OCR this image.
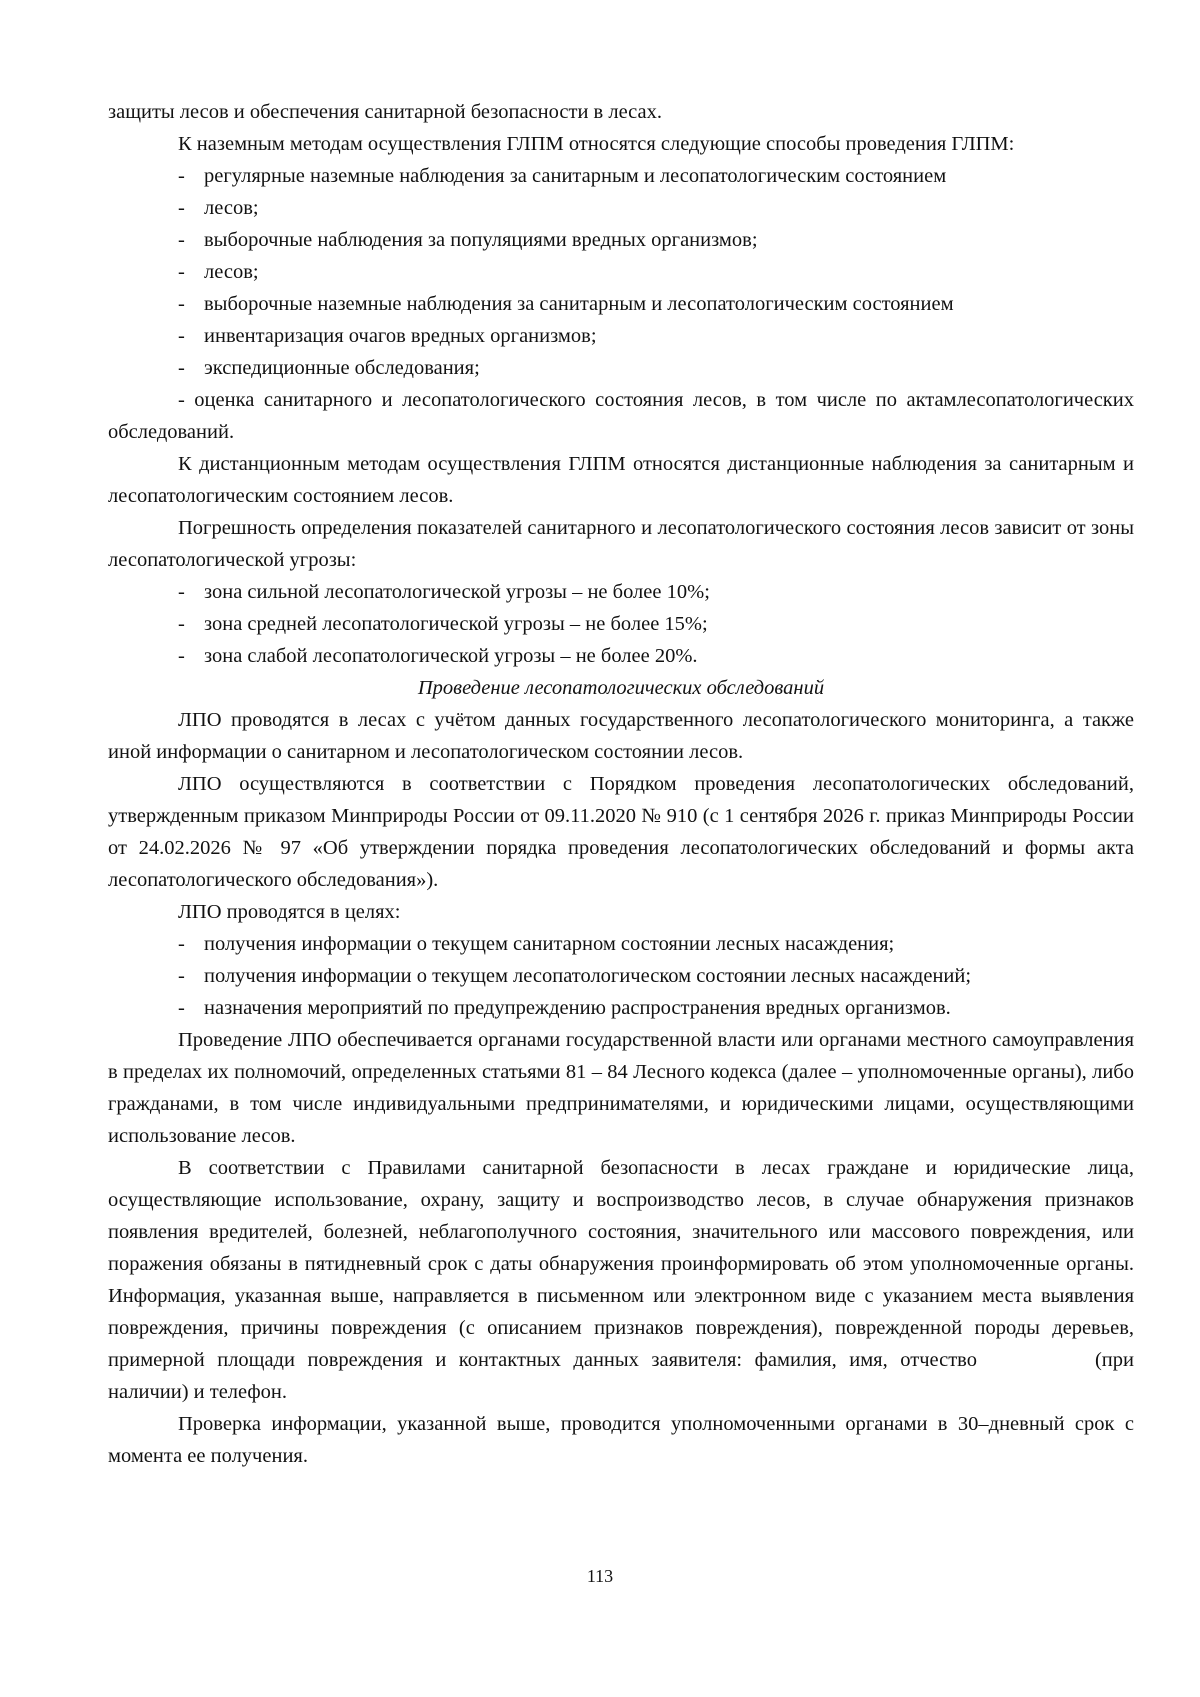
защиты лесов и обеспечения санитарной безопасности в лесах.

К наземным методам осуществления ГЛПМ относятся следующие способы проведения ГЛПМ:

- регулярные наземные наблюдения за санитарным и лесопатологическим состоянием
- лесов;
- выборочные наблюдения за популяциями вредных организмов;
- лесов;
- выборочные наземные наблюдения за санитарным и лесопатологическим состоянием
- инвентаризация очагов вредных организмов;
- экспедиционные обследования;

- оценка санитарного и лесопатологического состояния лесов, в том числе по актамлесопатологических обследований.

К дистанционным методам осуществления ГЛПМ относятся дистанционные наблюдения за санитарным и лесопатологическим состоянием лесов.

Погрешность определения показателей санитарного и лесопатологического состояния лесов зависит от зоны лесопатологической угрозы:

- зона сильной лесопатологической угрозы – не более 10%;
- зона средней лесопатологической угрозы – не более 15%;
- зона слабой лесопатологической угрозы – не более 20%.

Проведение лесопатологических обследований

ЛПО проводятся в лесах с учётом данных государственного лесопатологического мониторинга, а также иной информации о санитарном и лесопатологическом состоянии лесов.

ЛПО осуществляются в соответствии с Порядком проведения лесопатологических обследований, утвержденным приказом Минприроды России от 09.11.2020 № 910 (с 1 сентября 2026 г. приказ Минприроды России от 24.02.2026 № 97 «Об утверждении порядка проведения лесопатологических обследований и формы акта лесопатологического обследования»).

ЛПО проводятся в целях:

- получения информации о текущем санитарном состоянии лесных насаждения;
- получения информации о текущем лесопатологическом состоянии лесных насаждений;
- назначения мероприятий по предупреждению распространения вредных организмов.

Проведение ЛПО обеспечивается органами государственной власти или органами местного самоуправления в пределах их полномочий, определенных статьями 81 – 84 Лесного кодекса (далее – уполномоченные органы), либо гражданами, в том числе индивидуальными предпринимателями, и юридическими лицами, осуществляющими использование лесов.

В соответствии с Правилами санитарной безопасности в лесах граждане и юридические лица, осуществляющие использование, охрану, защиту и воспроизводство лесов, в случае обнаружения признаков появления вредителей, болезней, неблагополучного состояния, значительного или массового повреждения, или поражения обязаны в пятидневный срок с даты обнаружения проинформировать об этом уполномоченные органы. Информация, указанная выше, направляется в письменном или электронном виде с указанием места выявления повреждения, причины повреждения (с описанием признаков повреждения), поврежденной породы деревьев, примерной площади повреждения и контактных данных заявителя: фамилия, имя, отчество	(при наличии) и телефон.

Проверка информации, указанной выше, проводится уполномоченными органами в 30–дневный срок с момента ее получения.

113
